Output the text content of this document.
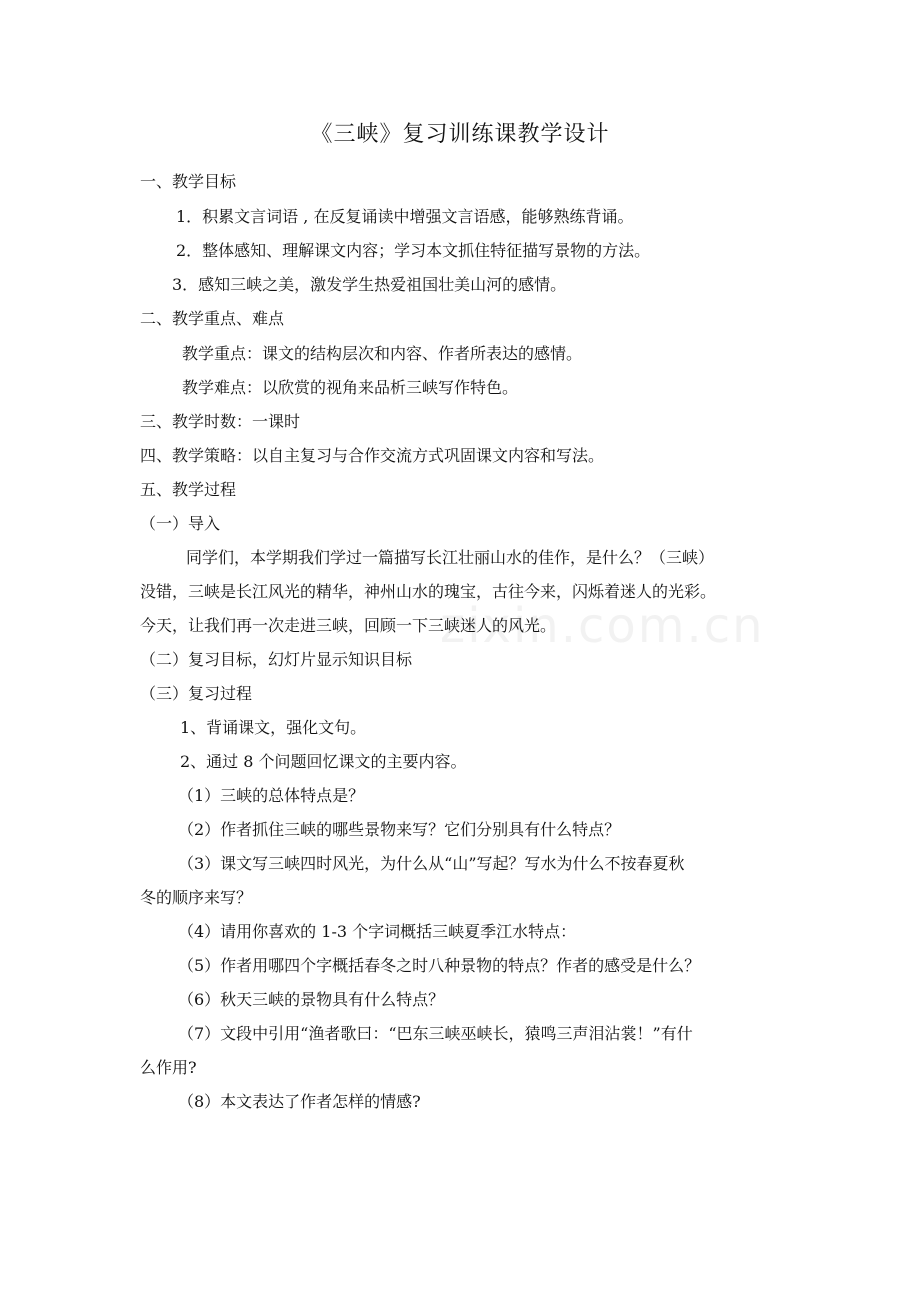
zixin.com.cn
《三峡》复习训练课教学设计
一、教学目标
1．积累文言词语 , 在反复诵读中增强文言语感，能够熟练背诵。
2．整体感知、理解课文内容；学习本文抓住特征描写景物的方法。
3．感知三峡之美，激发学生热爱祖国壮美山河的感情。
二、教学重点、难点
教学重点：课文的结构层次和内容、作者所表达的感情。
教学难点：以欣赏的视角来品析三峡写作特色。
三、教学时数：一课时
四、教学策略：以自主复习与合作交流方式巩固课文内容和写法。
五、教学过程
（一）导入
同学们，本学期我们学过一篇描写长江壮丽山水的佳作，是什么？（三峡）
没错，三峡是长江风光的精华，神州山水的瑰宝，古往今来，闪烁着迷人的光彩。
今天，让我们再一次走进三峡，回顾一下三峡迷人的风光。
（二）复习目标，幻灯片显示知识目标
（三）复习过程
1、背诵课文，强化文句。
2、通过 8 个问题回忆课文的主要内容。
（1）三峡的总体特点是？
（2）作者抓住三峡的哪些景物来写？它们分别具有什么特点？
（3）课文写三峡四时风光，为什么从“山”写起？写水为什么不按春夏秋
冬的顺序来写？
（4）请用你喜欢的 1-3 个字词概括三峡夏季江水特点：
（5）作者用哪四个字概括春冬之时八种景物的特点？作者的感受是什么？
（6）秋天三峡的景物具有什么特点？
（7）文段中引用“渔者歌曰：“巴东三峡巫峡长，猿鸣三声泪沾裳！”有什
么作用?
（8）本文表达了作者怎样的情感?
